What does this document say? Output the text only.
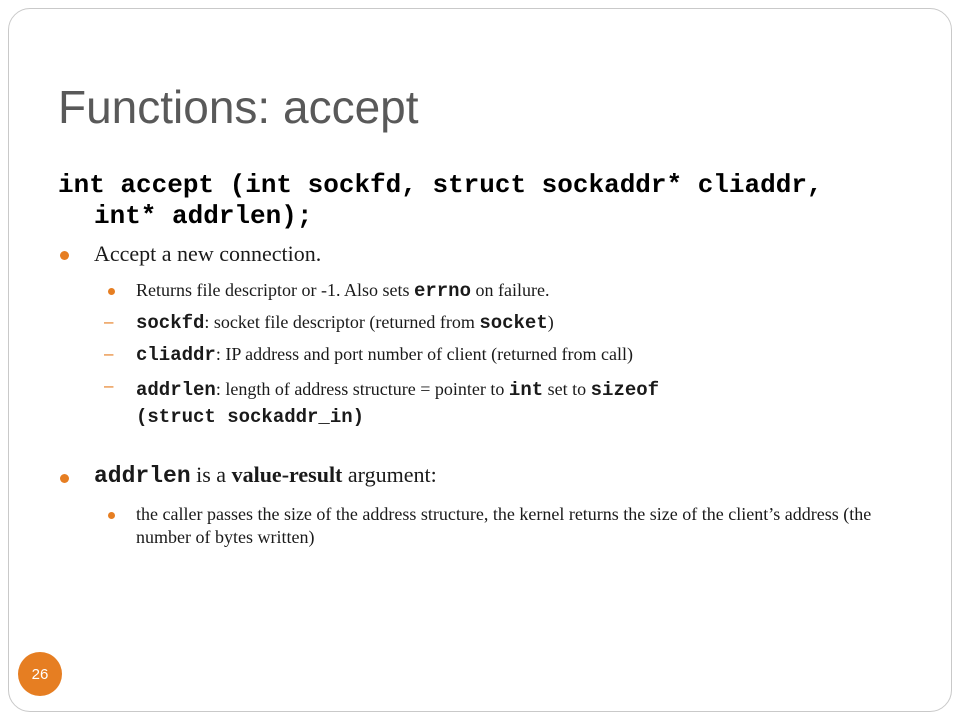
Functions: accept
int accept (int sockfd, struct sockaddr* cliaddr, int* addrlen);
Accept a new connection.
Returns file descriptor or -1. Also sets errno on failure.
– sockfd: socket file descriptor (returned from socket)
– cliaddr: IP address and port number of client (returned from call)
– addrlen: length of address structure = pointer to int set to sizeof
(struct sockaddr_in)
addrlen is a value-result argument:
the caller passes the size of the address structure, the kernel returns the size of the client’s address (the number of bytes written)
26
